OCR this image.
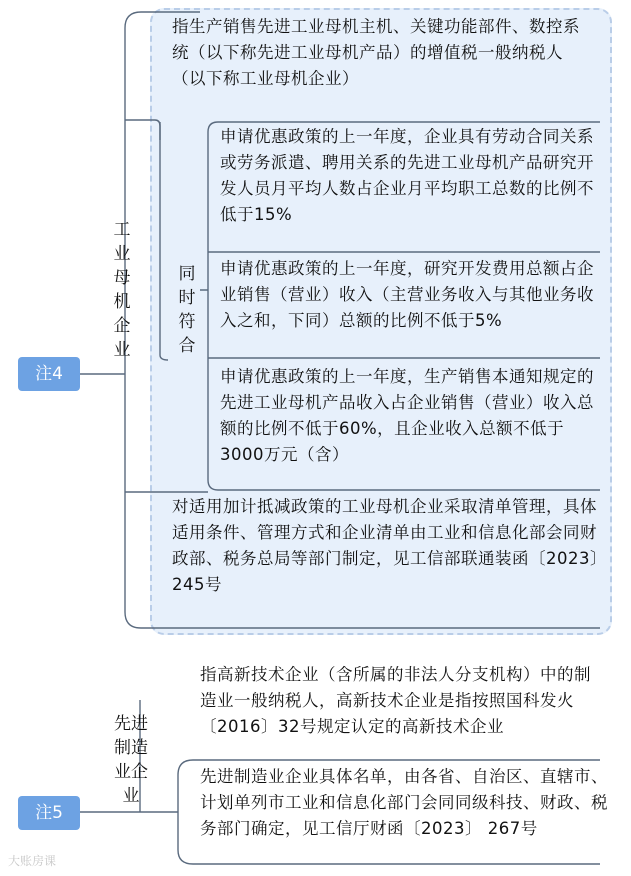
指生产销售先进工业母机主机、关键功能部件、数控系统（以下称先进工业母机产品）的增值税一般纳税人（以下称工业母机企业）

工业母机企业
同时符合

申请优惠政策的上一年度，企业具有劳动合同关系或劳务派遣、聘用关系的先进工业母机产品研究开发人员月平均人数占企业月平均职工总数的比例不低于15%

申请优惠政策的上一年度，研究开发费用总额占企业销售（营业）收入（主营业务收入与其他业务收入之和，下同）总额的比例不低于5%

申请优惠政策的上一年度，生产销售本通知规定的先进工业母机产品收入占企业销售（营业）收入总额的比例不低于60%，且企业收入总额不低于3000万元（含）

对适用加计抵减政策的工业母机企业采取清单管理，具体适用条件、管理方式和企业清单由工业和信息化部会同财政部、税务总局等部门制定，见工信部联通装函〔2023〕245号

注4

指高新技术企业（含所属的非法人分支机构）中的制造业一般纳税人，高新技术企业是指按照国科发火〔2016〕32号规定认定的高新技术企业

先进制造业企业

先进制造业企业具体名单，由各省、自治区、直辖市、计划单列市工业和信息化部门会同同级科技、财政、税务部门确定，见工信厅财函〔2023〕 267号

注5
大账房课
